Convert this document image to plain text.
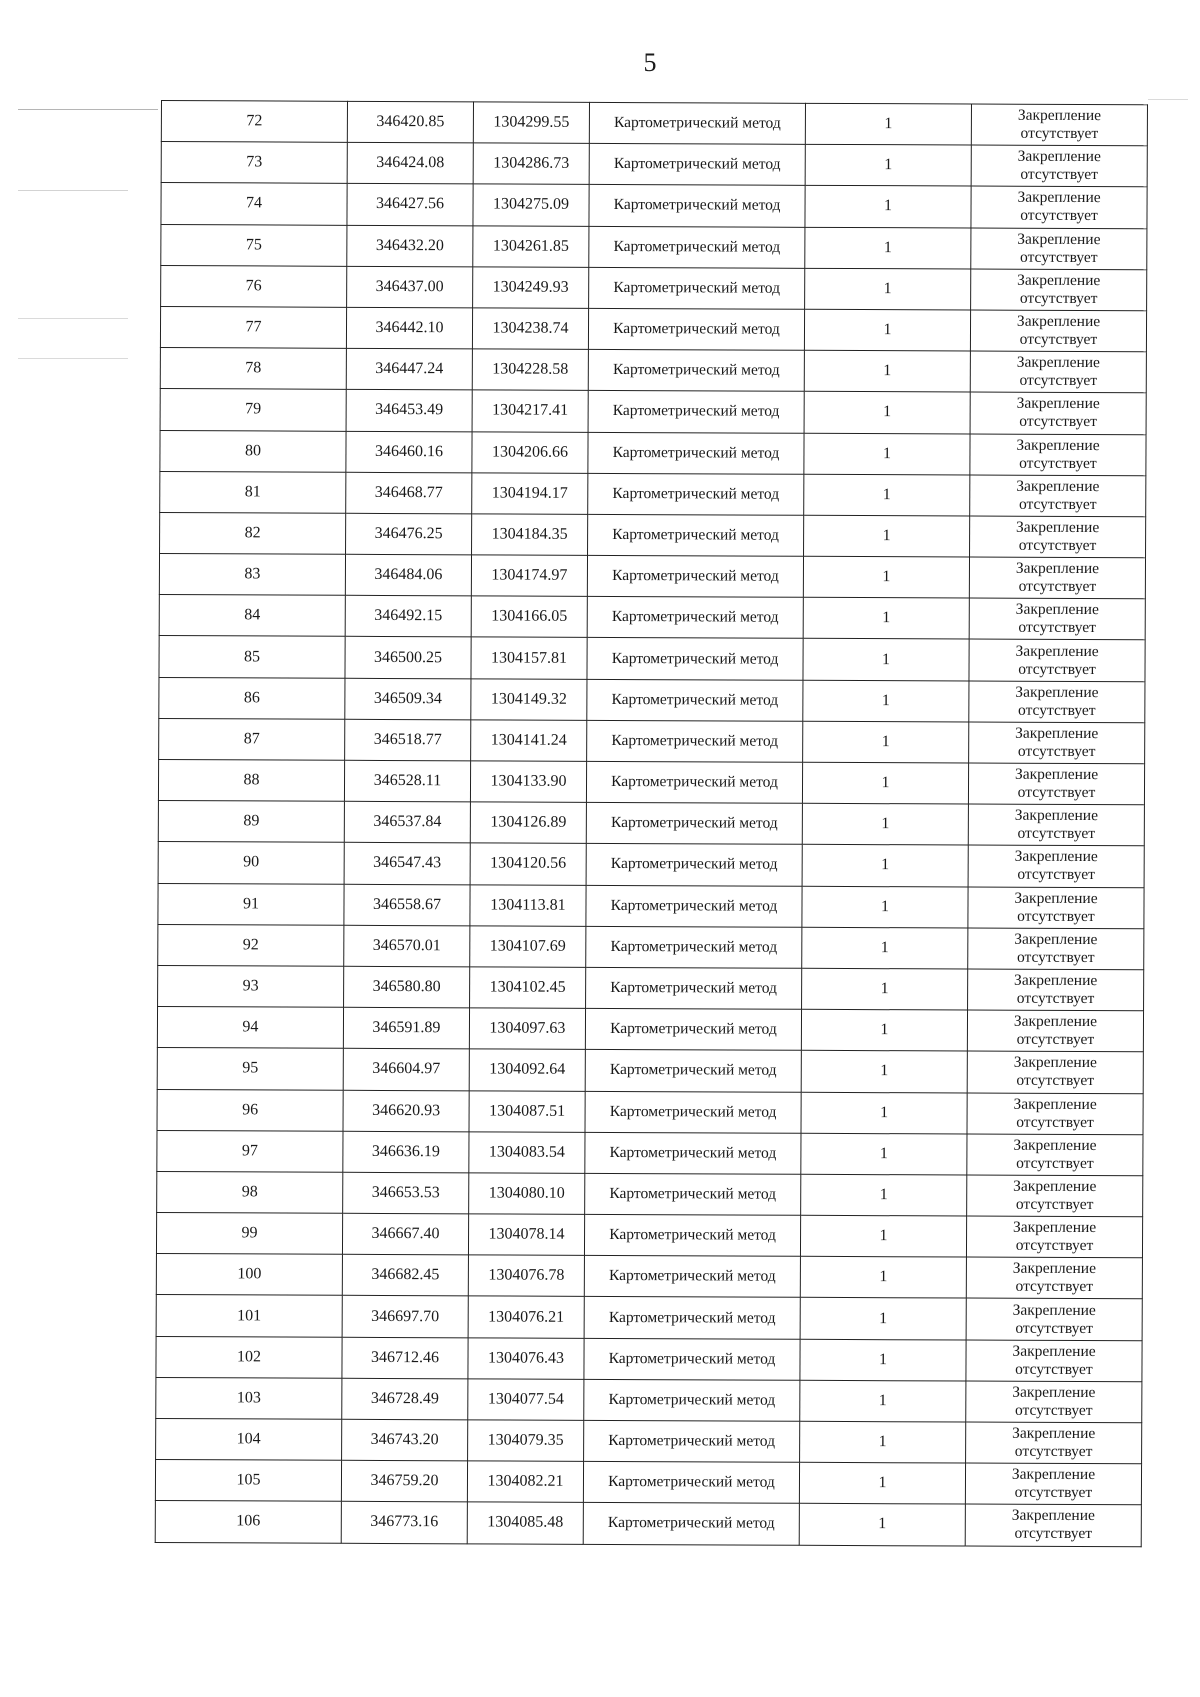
5
72	346420.85	1304299.55	Картометрический метод	1	Закрепление
отсутствует

73	346424.08	1304286.73	Картометрический метод	1	Закрепление
отсутствует

74	346427.56	1304275.09	Картометрический метод	1	Закрепление
отсутствует

75	346432.20	1304261.85	Картометрический метод	1	Закрепление
отсутствует

76	346437.00	1304249.93	Картометрический метод	1	Закрепление
отсутствует

77	346442.10	1304238.74	Картометрический метод	1	Закрепление
отсутствует

78	346447.24	1304228.58	Картометрический метод	1	Закрепление
отсутствует

79	346453.49	1304217.41	Картометрический метод	1	Закрепление
отсутствует

80	346460.16	1304206.66	Картометрический метод	1	Закрепление
отсутствует

81	346468.77	1304194.17	Картометрический метод	1	Закрепление
отсутствует

82	346476.25	1304184.35	Картометрический метод	1	Закрепление
отсутствует

83	346484.06	1304174.97	Картометрический метод	1	Закрепление
отсутствует

84	346492.15	1304166.05	Картометрический метод	1	Закрепление
отсутствует

85	346500.25	1304157.81	Картометрический метод	1	Закрепление
отсутствует

86	346509.34	1304149.32	Картометрический метод	1	Закрепление
отсутствует

87	346518.77	1304141.24	Картометрический метод	1	Закрепление
отсутствует

88	346528.11	1304133.90	Картометрический метод	1	Закрепление
отсутствует

89	346537.84	1304126.89	Картометрический метод	1	Закрепление
отсутствует

90	346547.43	1304120.56	Картометрический метод	1	Закрепление
отсутствует

91	346558.67	1304113.81	Картометрический метод	1	Закрепление
отсутствует

92	346570.01	1304107.69	Картометрический метод	1	Закрепление
отсутствует

93	346580.80	1304102.45	Картометрический метод	1	Закрепление
отсутствует

94	346591.89	1304097.63	Картометрический метод	1	Закрепление
отсутствует

95	346604.97	1304092.64	Картометрический метод	1	Закрепление
отсутствует

96	346620.93	1304087.51	Картометрический метод	1	Закрепление
отсутствует

97	346636.19	1304083.54	Картометрический метод	1	Закрепление
отсутствует

98	346653.53	1304080.10	Картометрический метод	1	Закрепление
отсутствует

99	346667.40	1304078.14	Картометрический метод	1	Закрепление
отсутствует

100	346682.45	1304076.78	Картометрический метод	1	Закрепление
отсутствует

101	346697.70	1304076.21	Картометрический метод	1	Закрепление
отсутствует

102	346712.46	1304076.43	Картометрический метод	1	Закрепление
отсутствует

103	346728.49	1304077.54	Картометрический метод	1	Закрепление
отсутствует

104	346743.20	1304079.35	Картометрический метод	1	Закрепление
отсутствует

105	346759.20	1304082.21	Картометрический метод	1	Закрепление
отсутствует

106	346773.16	1304085.48	Картометрический метод	1	Закрепление
отсутствует
